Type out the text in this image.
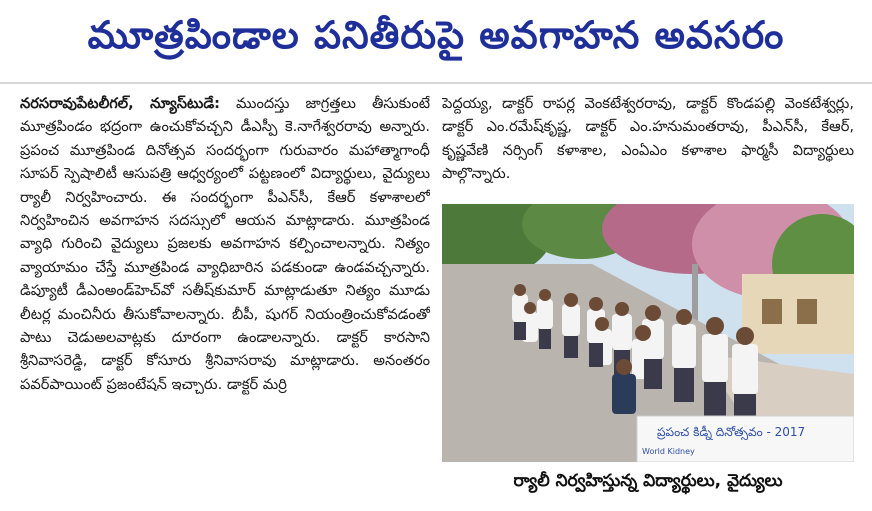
మూత్రపిండాల పనితీరుపై అవగాహన అవసరం
నరసరావుపేటలీగల్‌, న్యూస్‌టుడే: ముందస్తు జాగ్రత్తలు తీసుకుంటే మూత్రపిండం భద్రంగా ఉంచుకోవచ్చని డీఎస్పీ కె.నాగేశ్వరరావు అన్నారు. ప్రపంచ మూత్రపిండ దినోత్సవ సందర్భంగా గురువారం మహాత్మాగాంధీ సూపర్‌ స్పెషాలిటీ ఆసుపత్రి ఆధ్వర్యంలో పట్టణంలో విద్యార్థులు, వైద్యులు ర్యాలీ నిర్వహించారు. ఈ సందర్భంగా పీఎన్‌సీ, కేఆర్‌ కళాశాలలో నిర్వహించిన అవగాహన సదస్సులో ఆయన మాట్లాడారు. మూత్రపిండ వ్యాధి గురించి వైద్యులు ప్రజలకు అవగాహన కల్పించాలన్నారు. నిత్యం వ్యాయామం చేస్తే మూత్రపిండ వ్యాధిబారిన పడకుండా ఉండవచ్చన్నారు. డిప్యూటీ డీఎంఅండ్‌హెచ్‌వో సతీష్‌కుమార్‌ మాట్లాడుతూ నిత్యం మూడు లీటర్ల మంచినీరు తీసుకోవాలన్నారు. బీపీ, షుగర్‌ నియంత్రించుకోవడంతో పాటు చెడుఅలవాట్లకు దూరంగా ఉండాలన్నారు. డాక్టర్‌ కారసాని శ్రీనివాసరెడ్డి, డాక్టర్‌ కోసూరు శ్రీనివాసరావు మాట్లాడారు. అనంతరం పవర్‌పాయింట్‌ ప్రజంటేషన్‌ ఇచ్చారు. డాక్టర్‌ మర్రి
పెద్దయ్య, డాక్టర్‌ రాపర్ల వెంకటేశ్వరరావు, డాక్టర్‌ కొండపల్లి వెంకటేశ్వర్లు, డాక్టర్‌ ఎం.రమేష్‌కృష్ణ, డాక్టర్‌ ఎం.హనుమంతరావు, పీఎన్‌సీ, కేఆర్‌, కృష్ణవేణి నర్సింగ్‌ కళాశాల, ఎంఏఎం కళాశాల ఫార్మసీ విద్యార్థులు పాల్గొన్నారు.
ప్రపంచ కిడ్నీ దినోత్సవం - 2017
World Kidney
ర్యాలీ నిర్వహిస్తున్న విద్యార్థులు, వైద్యులు
